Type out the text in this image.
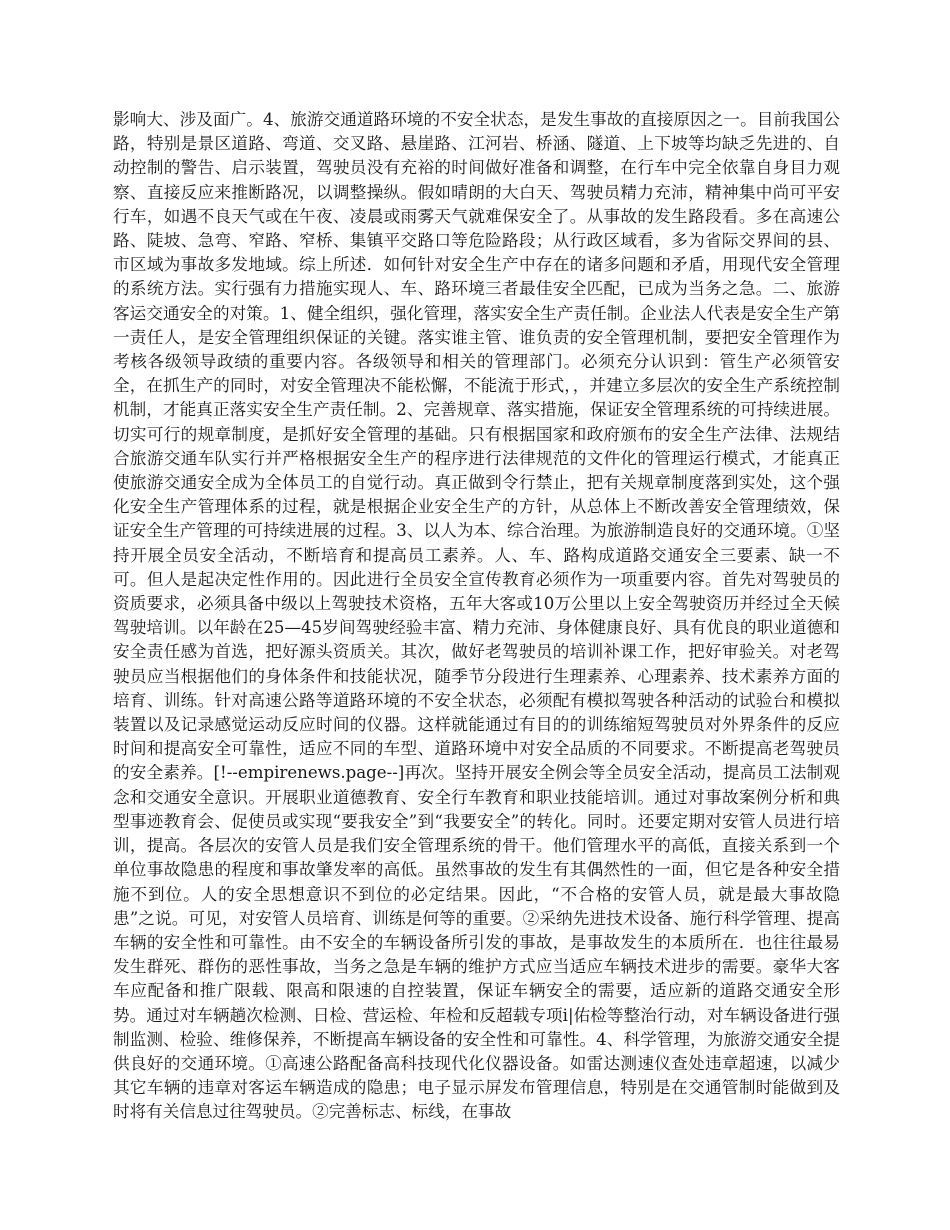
影响大、涉及面广。4、旅游交通道路环境的不安全状态，是发生事故的直接原因之一。目前我国公路，特别是景区道路、弯道、交叉路、悬崖路、江河岩、桥涵、隧道、上下坡等均缺乏先进的、自动控制的警告、启示装置，驾驶员没有充裕的时间做好准备和调整，在行车中完全依靠自身目力观察、直接反应来推断路况，以调整操纵。假如晴朗的大白天、驾驶员精力充沛，精神集中尚可平安行车，如遇不良天气或在午夜、凌晨或雨雾天气就难保安全了。从事故的发生路段看。多在高速公路、陡坡、急弯、窄路、窄桥、集镇平交路口等危险路段；从行政区域看，多为省际交界间的县、市区域为事故多发地域。综上所述．如何针对安全生产中存在的诸多问题和矛盾，用现代安全管理的系统方法。实行强有力措施实现人、车、路环境三者最佳安全匹配，已成为当务之急。二、旅游客运交通安全的对策。1、健全组织，强化管理，落实安全生产责任制。企业法人代表是安全生产第一责任人，是安全管理组织保证的关键。落实谁主管、谁负责的安全管理机制，要把安全管理作为考核各级领导政绩的重要内容。各级领导和相关的管理部门。必须充分认识到：管生产必须管安全，在抓生产的同时，对安全管理决不能松懈，不能流于形式，，并建立多层次的安全生产系统控制机制，才能真正落实安全生产责任制。2、完善规章、落实措施，保证安全管理系统的可持续进展。切实可行的规章制度，是抓好安全管理的基础。只有根据国家和政府颁布的安全生产法律、法规结合旅游交通车队实行并严格根据安全生产的程序进行法律规范的文件化的管理运行模式，才能真正使旅游交通安全成为全体员工的自觉行动。真正做到令行禁止，把有关规章制度落到实处，这个强化安全生产管理体系的过程，就是根据企业安全生产的方针，从总体上不断改善安全管理绩效，保证安全生产管理的可持续进展的过程。3、以人为本、综合治理。为旅游制造良好的交通环境。①坚持开展全员安全活动，不断培育和提高员工素养。人、车、路构成道路交通安全三要素、缺一不可。但人是起决定性作用的。因此进行全员安全宣传教育必须作为一项重要内容。首先对驾驶员的资质要求，必须具备中级以上驾驶技术资格，五年大客或10万公里以上安全驾驶资历并经过全天候驾驶培训。以年龄在25—45岁间驾驶经验丰富、精力充沛、身体健康良好、具有优良的职业道德和安全责任感为首选，把好源头资质关。其次，做好老驾驶员的培训补课工作，把好审验关。对老驾驶员应当根据他们的身体条件和技能状况，随季节分段进行生理素养、心理素养、技术素养方面的培育、训练。针对高速公路等道路环境的不安全状态，必须配有模拟驾驶各种活动的试验台和模拟装置以及记录感觉运动反应时间的仪器。这样就能通过有目的的训练缩短驾驶员对外界条件的反应时间和提高安全可靠性，适应不同的车型、道路环境中对安全品质的不同要求。不断提高老驾驶员的安全素养。[!--empirenews.page--]再次。坚持开展安全例会等全员安全活动，提高员工法制观念和交通安全意识。开展职业道德教育、安全行车教育和职业技能培训。通过对事故案例分析和典型事迹教育会、促使员或实现“要我安全”到“我要安全”的转化。同时。还要定期对安管人员进行培训，提高。各层次的安管人员是我们安全管理系统的骨干。他们管理水平的高低，直接关系到一个单位事故隐患的程度和事故肇发率的高低。虽然事故的发生有其偶然性的一面，但它是各种安全措施不到位。人的安全思想意识不到位的必定结果。因此，“不合格的安管人员，就是最大事故隐患”之说。可见，对安管人员培育、训练是何等的重要。②采纳先进技术设备、施行科学管理、提高车辆的安全性和可靠性。由不安全的车辆设备所引发的事故，是事故发生的本质所在．也往往最易发生群死、群伤的恶性事故，当务之急是车辆的维护方式应当适应车辆技术进步的需要。豪华大客车应配备和推广限载、限高和限速的自控装置，保证车辆安全的需要，适应新的道路交通安全形势。通过对车辆趟次检测、日检、营运检、年检和反超载专项i|佑检等整治行动，对车辆设备进行强制监测、检验、维修保养，不断提高车辆设备的安全性和可靠性。4、科学管理，为旅游交通安全提供良好的交通环境。①高速公路配备高科技现代化仪器设备。如雷达测速仪查处违章超速，以减少其它车辆的违章对客运车辆造成的隐患；电子显示屏发布管理信息，特别是在交通管制时能做到及时将有关信息过往驾驶员。②完善标志、标线，在事故
